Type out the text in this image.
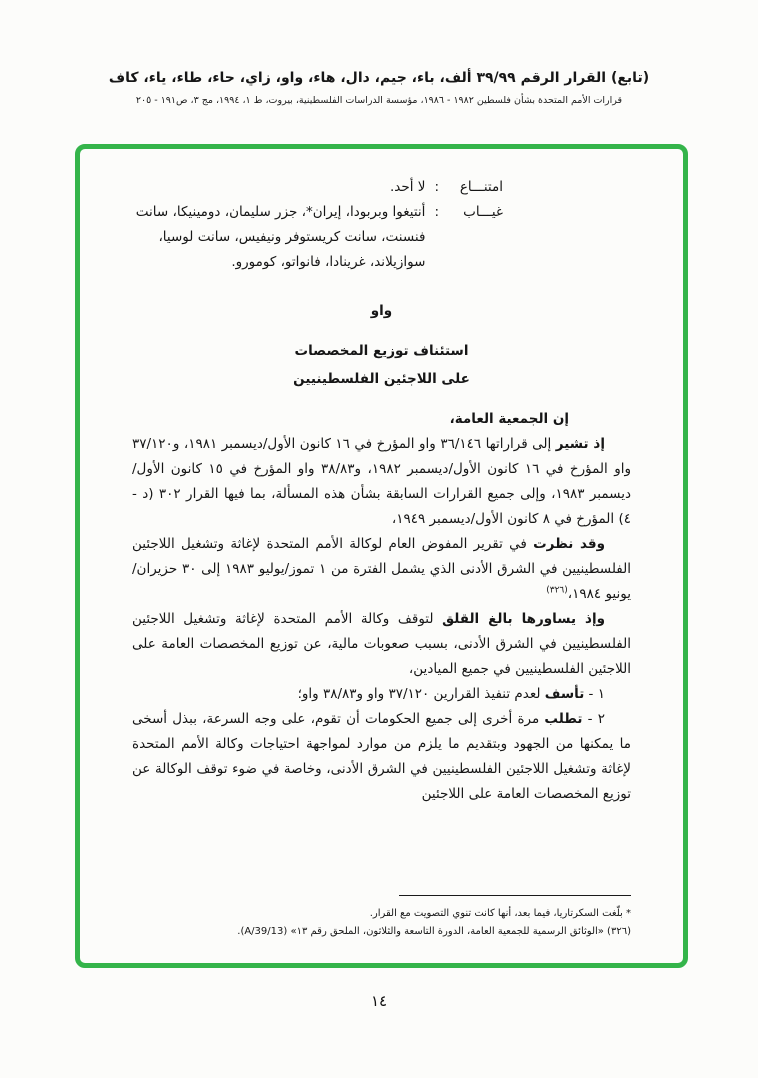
(تابع) القرار الرقم ٣٩/٩٩ ألف، باء، جيم، دال، هاء، واو، زاي، حاء، طاء، ياء، كاف
قرارات الأمم المتحدة بشأن فلسطين ١٩٨٢ - ١٩٨٦، مؤسسة الدراسات الفلسطينية، بيروت، ط ١، ١٩٩٤، مج ٣، ص١٩١ - ٢٠٥
امتنـــاع
:
لا أحد.
غيـــاب
:
أنتيغوا وبربودا، إيران*، جزر سليمان، دومينيكا، سانت فنسنت، سانت كريستوفر ونيفيس، سانت لوسيا، سوازيلاند، غرينادا، فانواتو، كومورو.
واو
استئناف توزيع المخصصات
على اللاجئين الفلسطينيين

إن الجمعية العامة،

إذ تشير إلى قراراتها ٣٦/١٤٦ واو المؤرخ في ١٦ كانون الأول/ديسمبر ١٩٨١، و٣٧/١٢٠ واو المؤرخ في ١٦ كانون الأول/ديسمبر ١٩٨٢، و٣٨/٨٣ واو المؤرخ في ١٥ كانون الأول/ديسمبر ١٩٨٣، وإلى جميع القرارات السابقة بشأن هذه المسألة، بما فيها القرار ٣٠٢ (د - ٤) المؤرخ في ٨ كانون الأول/ديسمبر ١٩٤٩،

وقد نظرت في تقرير المفوض العام لوكالة الأمم المتحدة لإغاثة وتشغيل اللاجئين الفلسطينيين في الشرق الأدنى الذي يشمل الفترة من ١ تموز/يوليو ١٩٨٣ إلى ٣٠ حزيران/يونيو ١٩٨٤،$^{(٣٢٦)}$

وإذ يساورها بالغ القلق لتوقف وكالة الأمم المتحدة لإغاثة وتشغيل اللاجئين الفلسطينيين في الشرق الأدنى، بسبب صعوبات مالية، عن توزيع المخصصات العامة على اللاجئين الفلسطينيين في جميع الميادين،

١ - تأسف لعدم تنفيذ القرارين ٣٧/١٢٠ واو و٣٨/٨٣ واو؛

٢ - تطلب مرة أخرى إلى جميع الحكومات أن تقوم، على وجه السرعة، ببذل أسخى ما يمكنها من الجهود وبتقديم ما يلزم من موارد لمواجهة احتياجات وكالة الأمم المتحدة لإغاثة وتشغيل اللاجئين الفلسطينيين في الشرق الأدنى، وخاصة في ضوء توقف الوكالة عن توزيع المخصصات العامة على اللاجئين

* بلّغت السكرتاريا، فيما بعد، أنها كانت تنوي التصويت مع القرار.

(٣٢٦) «الوثائق الرسمية للجمعية العامة، الدورة التاسعة والثلاثون، الملحق رقم ١٣» ‎(A/39/13)‎.

١٤
